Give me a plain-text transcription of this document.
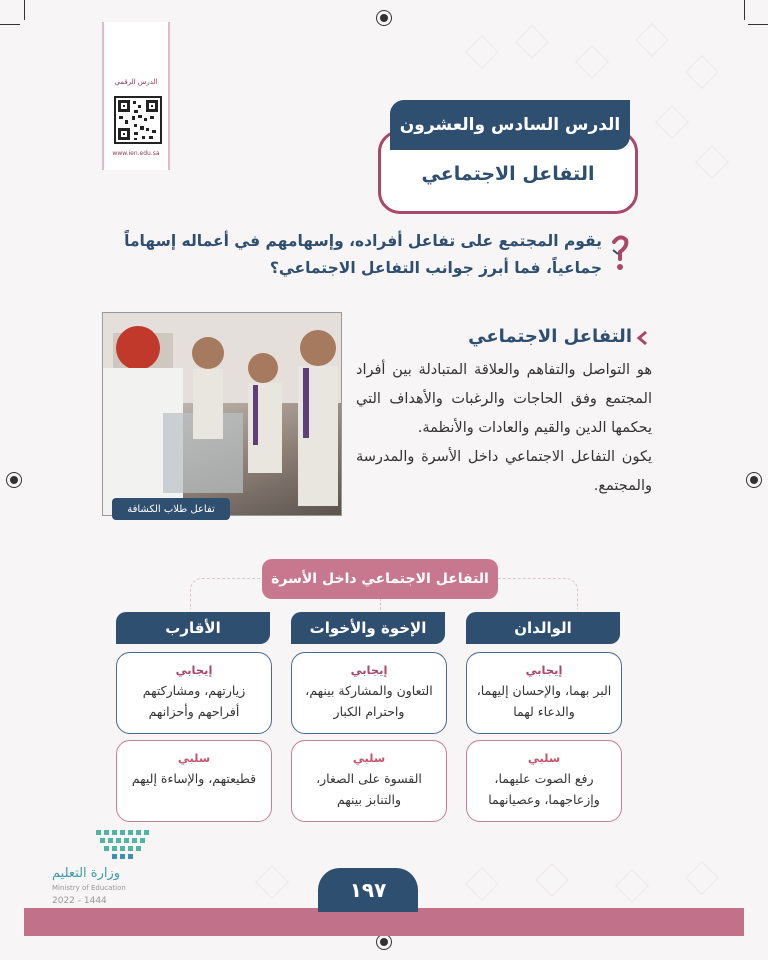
الدرس الرقمي
www.ien.edu.sa
التفاعل الاجتماعي
الدرس السادس والعشرون
يقوم المجتمع على تفاعل أفراده، وإسهامهم في أعماله إسهاماً جماعياً، فما أبرز جوانب التفاعل الاجتماعي؟
تفاعل طلاب الكشافة
التفاعل الاجتماعي
هو التواصل والتفاهم والعلاقة المتبادلة بين أفراد المجتمع وفق الحاجات والرغبات والأهداف التي يحكمها الدين والقيم والعادات والأنظمة.
يكون التفاعل الاجتماعي داخل الأسرة والمدرسة والمجتمع.
التفاعل الاجتماعي داخل الأسرة
الوالدان
إيجابي
البر بهما، والإحسان إليهما، والدعاء لهما
سلبي
رفع الصوت عليهما، وإزعاجهما، وعصيانهما
الإخوة والأخوات
إيجابي
التعاون والمشاركة بينهم، واحترام الكبار
سلبي
القسوة على الصغار، والتنابز بينهم
الأقارب
إيجابي
زيارتهم، ومشاركتهم أفراحهم وأحزانهم
سلبي
قطيعتهم، والإساءة إليهم
وزارة التعليم
Ministry of Education
2022 - 1444	١٩٧
